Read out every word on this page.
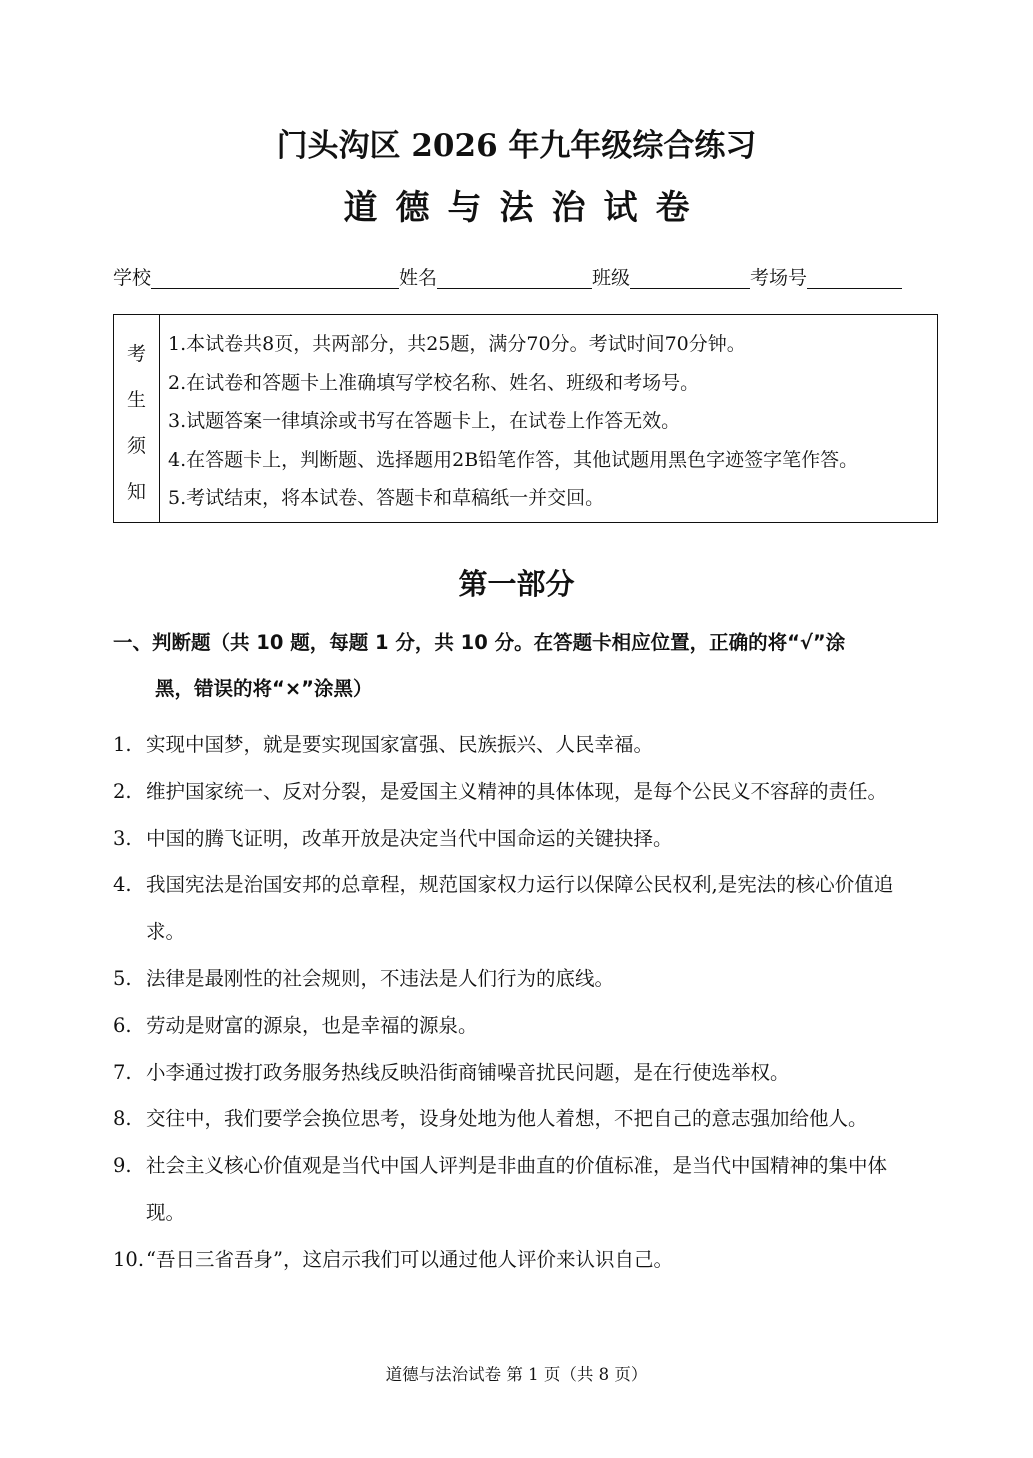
门头沟区 2026 年九年级综合练习
道德与法治试卷
学校	姓名	班级	考场号
考
生
须
知
1.本试卷共8页，共两部分，共25题，满分70分。考试时间70分钟。
2.在试卷和答题卡上准确填写学校名称、姓名、班级和考场号。
3.试题答案一律填涂或书写在答题卡上，在试卷上作答无效。
4.在答题卡上，判断题、选择题用2B铅笔作答，其他试题用黑色字迹签字笔作答。
5.考试结束，将本试卷、答题卡和草稿纸一并交回。
第一部分
一、判断题（共 10 题，每题 1 分，共 10 分。在答题卡相应位置，正确的将“√”涂
黑，错误的将“×”涂黑）
1. 实现中国梦，就是要实现国家富强、民族振兴、人民幸福。
2. 维护国家统一、反对分裂，是爱国主义精神的具体体现，是每个公民义不容辞的责任。
3. 中国的腾飞证明，改革开放是决定当代中国命运的关键抉择。
4. 我国宪法是治国安邦的总章程，规范国家权力运行以保障公民权利,是宪法的核心价值追求。
5. 法律是最刚性的社会规则，不违法是人们行为的底线。
6. 劳动是财富的源泉，也是幸福的源泉。
7. 小李通过拨打政务服务热线反映沿街商铺噪音扰民问题，是在行使选举权。
8. 交往中，我们要学会换位思考，设身处地为他人着想，不把自己的意志强加给他人。
9. 社会主义核心价值观是当代中国人评判是非曲直的价值标准，是当代中国精神的集中体现。
10. “吾日三省吾身”，这启示我们可以通过他人评价来认识自己。
道德与法治试卷 第 1 页（共 8 页）
